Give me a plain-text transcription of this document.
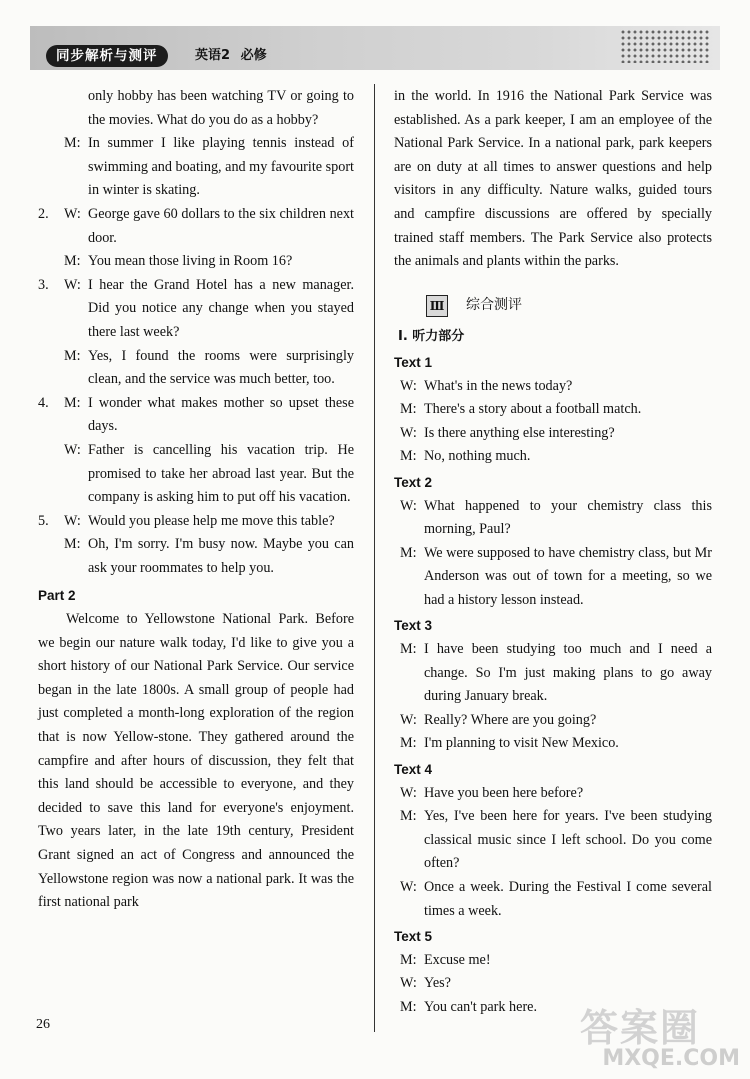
同步解析与测评	英语2 必修
only hobby has been watching TV or going to the movies. What do you do as a hobby?
M: In summer I like playing tennis instead of swimming and boating, and my favourite sport in winter is skating.
2.	W: George gave 60 dollars to the six children next door.
M: You mean those living in Room 16?
3.	W: I hear the Grand Hotel has a new manager. Did you notice any change when you stayed there last week?
M: Yes, I found the rooms were surprisingly clean, and the service was much better, too.
4.	M: I wonder what makes mother so upset these days.
W: Father is cancelling his vacation trip. He promised to take her abroad last year. But the company is asking him to put off his vacation.
5.	W: Would you please help me move this table?
M: Oh, I'm sorry. I'm busy now. Maybe you can ask your roommates to help you.
Part 2
Welcome to Yellowstone National Park. Before we begin our nature walk today, I'd like to give you a short history of our National Park Service. Our service began in the late 1800s. A small group of people had just completed a month-long exploration of the region that is now Yellow-stone. They gathered around the campfire and after hours of discussion, they felt that this land should be accessible to everyone, and they decided to save this land for everyone's enjoyment. Two years later, in the late 19th century, President Grant signed an act of Congress and announced the Yellowstone region was now a national park. It was the first national park
in the world. In 1916 the National Park Service was established. As a park keeper, I am an employee of the National Park Service. In a national park, park keepers are on duty at all times to answer questions and help visitors in any difficulty. Nature walks, guided tours and campfire discussions are offered by specially trained staff members. The Park Service also protects the animals and plants within the parks.
Ⅲ 综合测评
Ⅰ. 听力部分
Text 1
W: What's in the news today?
M: There's a story about a football match.
W: Is there anything else interesting?
M: No, nothing much.
Text 2
W: What happened to your chemistry class this morning, Paul?
M: We were supposed to have chemistry class, but Mr Anderson was out of town for a meeting, so we had a history lesson instead.
Text 3
M: I have been studying too much and I need a change. So I'm just making plans to go away during January break.
W: Really? Where are you going?
M: I'm planning to visit New Mexico.
Text 4
W: Have you been here before?
M: Yes, I've been here for years. I've been studying classical music since I left school. Do you come often?
W: Once a week. During the Festival I come several times a week.
Text 5
M: Excuse me!
W: Yes?
M: You can't park here.
26	答案圈
MXQE.COM
